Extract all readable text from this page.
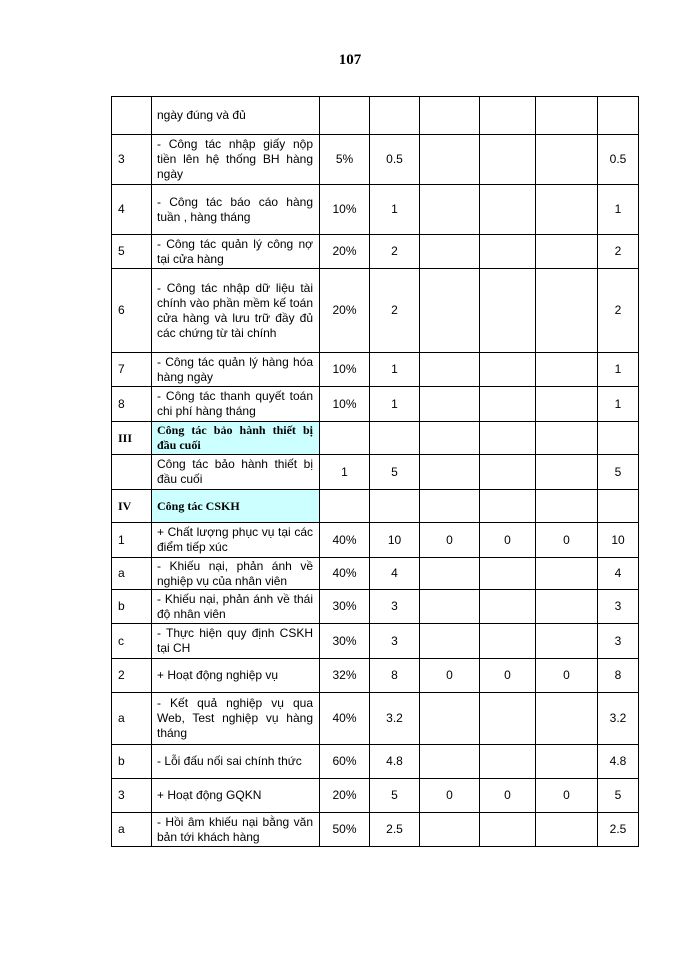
107

	ngày đúng và đủ						

3	- Công tác nhập giấy nộp tiền lên hệ thống BH hàng ngày	5%	0.5				0.5

4	- Công tác báo cáo hàng tuần , hàng tháng	10%	1				1

5	- Công tác quản lý công nợ tại cửa hàng	20%	2				2

6	- Công tác nhập dữ liệu tài chính vào phần mềm kế toán cửa hàng và lưu trữ đầy đủ các chứng từ tài chính	20%	2				2

7	- Công tác quản lý hàng hóa hàng ngày	10%	1				1

8	- Công tác thanh quyết toán chi phí hàng tháng	10%	1				1

III	Công tác bảo hành thiết bị đầu cuối						

	Công tác bảo hành thiết bị đầu cuối	1	5				5

IV	Công tác CSKH						

1	+ Chất lượng phục vụ tại các điểm tiếp xúc	40%	10	0	0	0	10

a	- Khiếu nại, phản ánh về nghiệp vụ của nhân viên	40%	4				4

b	- Khiếu nại, phản ánh về thái độ nhân viên	30%	3				3

c	- Thực hiện quy định CSKH tại CH	30%	3				3

2	+ Hoạt động nghiệp vụ	32%	8	0	0	0	8

a	- Kết quả nghiệp vụ qua Web, Test nghiệp vụ hàng tháng	40%	3.2				3.2

b	- Lỗi đấu nối sai chính thức	60%	4.8				4.8

3	+ Hoạt động GQKN	20%	5	0	0	0	5

a	- Hồi âm khiếu nại bằng văn bản tới khách hàng	50%	2.5				2.5
